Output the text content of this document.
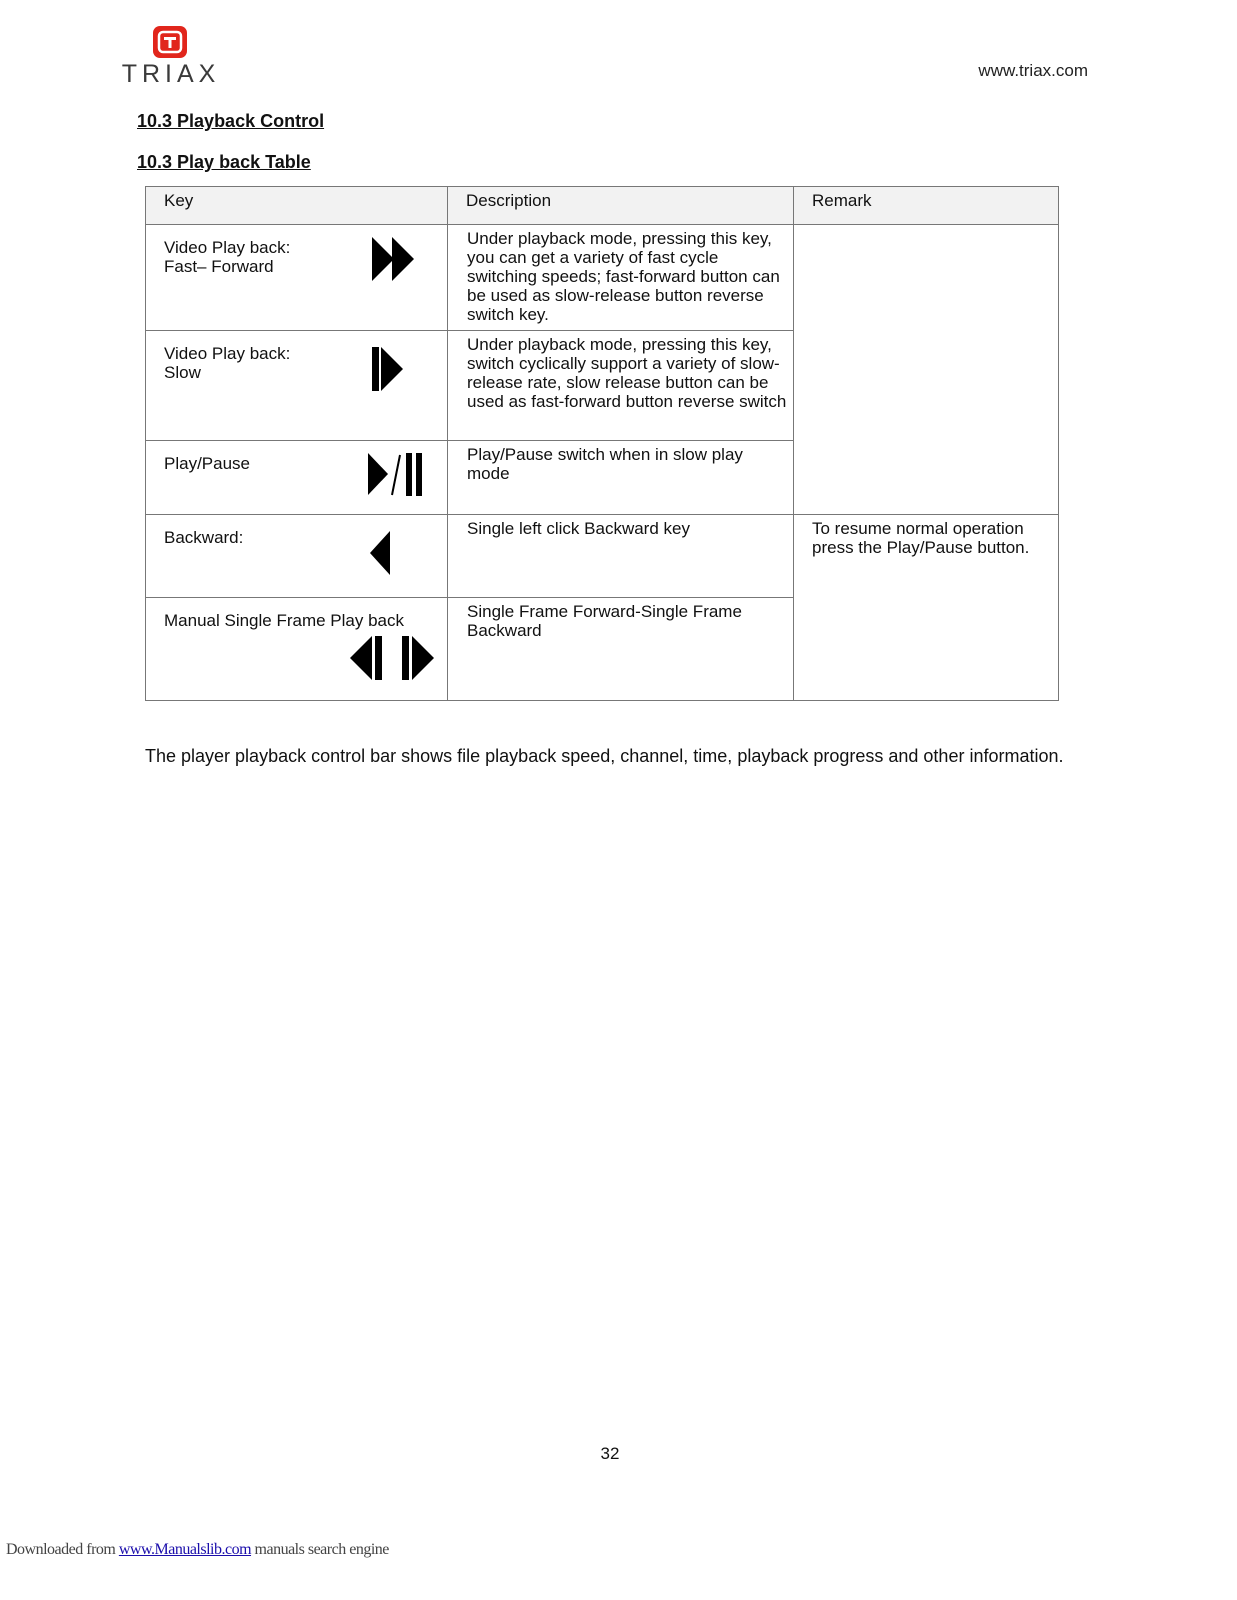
TRIAX	www.triax.com
10.3 Playback Control
10.3 Play back Table
Key	Description	Remark

Video Play back:
Fast– Forward	Under playback mode, pressing this key, you can get a variety of fast cycle switching speeds; fast-forward button can be used as slow-release button reverse switch key.	

Video Play back:
Slow	Under playback mode, pressing this key, switch cyclically support a variety of slow-release rate, slow release button can be used as fast-forward button reverse switch	

Play/Pause	Play/Pause switch when in slow play mode	

Backward:	Single left click Backward key	To resume normal operation press the Play/Pause button.

Manual Single Frame Play back	Single Frame Forward-Single Frame Backward	
The player playback control bar shows file playback speed, channel, time, playback progress and other information.
32
Downloaded from www.Manualslib.com manuals search engine
